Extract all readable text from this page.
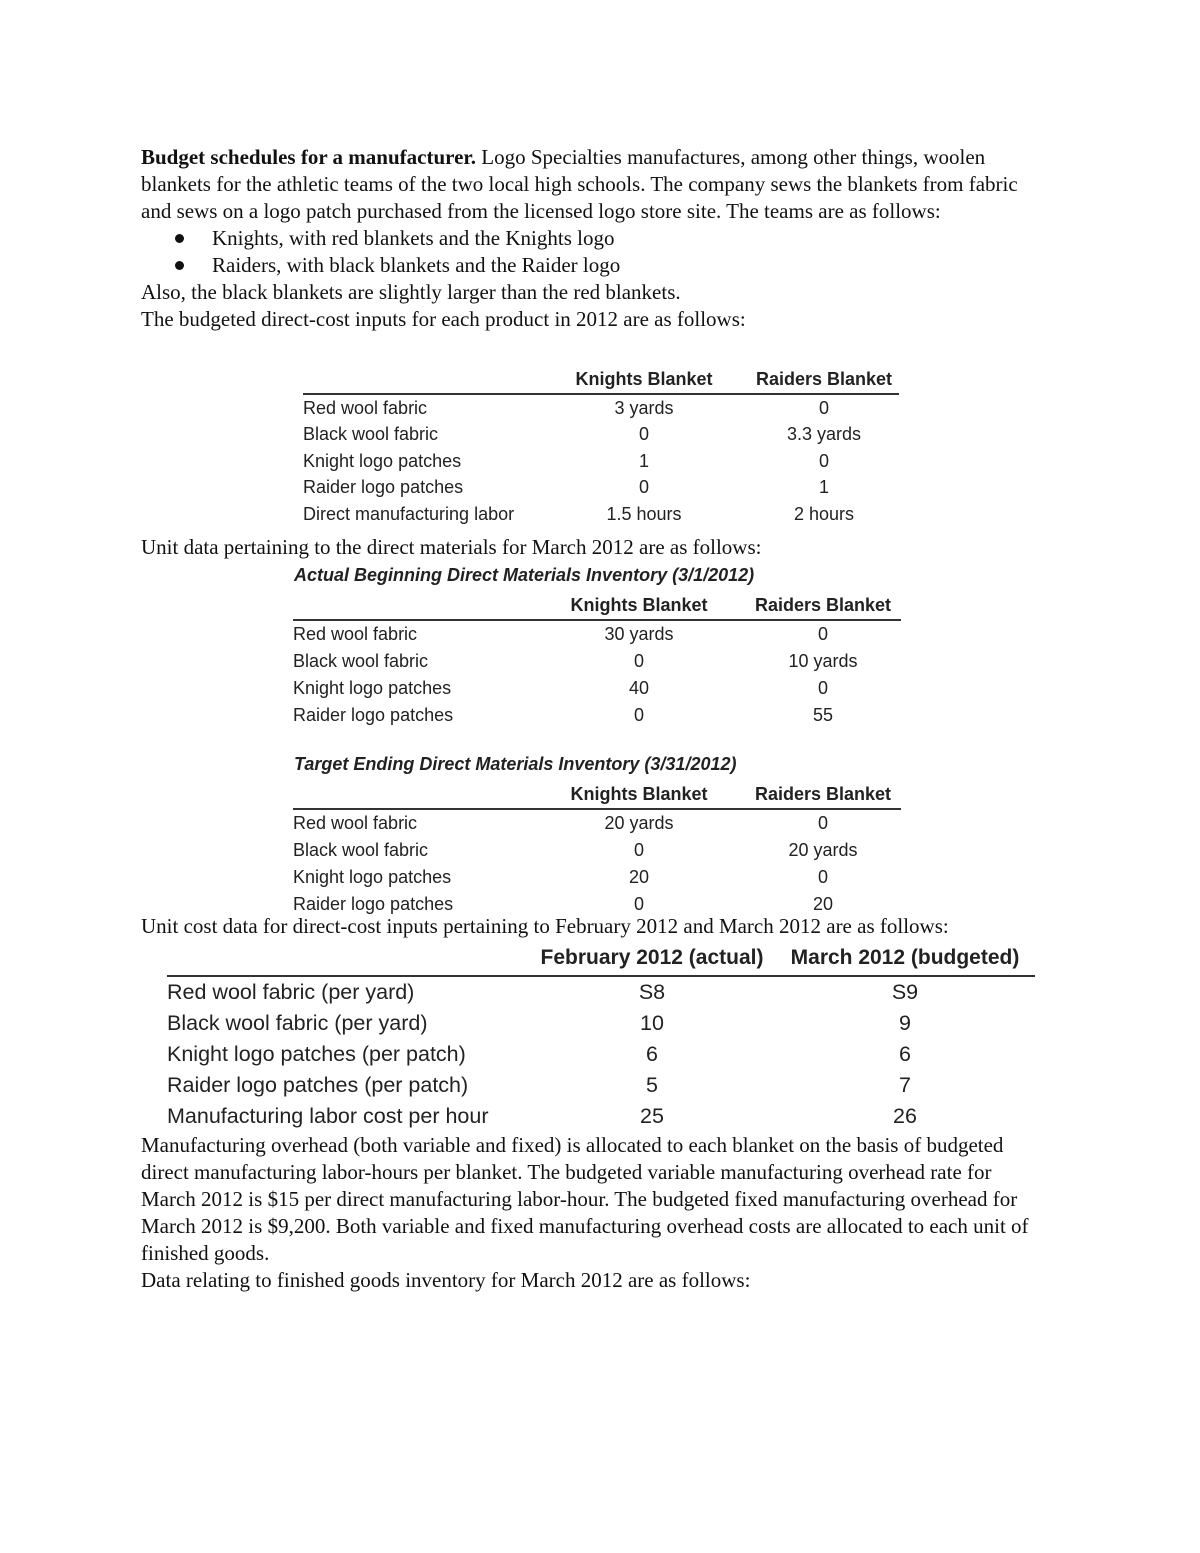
Budget schedules for a manufacturer. Logo Specialties manufactures, among other things, woolen blankets for the athletic teams of the two local high schools. The company sews the blankets from fabric and sews on a logo patch purchased from the licensed logo store site. The teams are as follows:

Knights, with red blankets and the Knights logo
Raiders, with black blankets and the Raider logo

Also, the black blankets are slightly larger than the red blankets.

The budgeted direct-cost inputs for each product in 2012 are as follows:

	Knights Blanket	Raiders Blanket
Red wool fabric	3 yards	0
Black wool fabric	0	3.3 yards
Knight logo patches	1	0
Raider logo patches	0	1
Direct manufacturing labor	1.5 hours	2 hours

Unit data pertaining to the direct materials for March 2012 are as follows:

Actual Beginning Direct Materials Inventory (3/1/2012)
	Knights Blanket	Raiders Blanket
Red wool fabric	30 yards	0
Black wool fabric	0	10 yards
Knight logo patches	40	0
Raider logo patches	0	55
Target Ending Direct Materials Inventory (3/31/2012)
	Knights Blanket	Raiders Blanket
Red wool fabric	20 yards	0
Black wool fabric	0	20 yards
Knight logo patches	20	0
Raider logo patches	0	20

Unit cost data for direct-cost inputs pertaining to February 2012 and March 2012 are as follows:

	February 2012 (actual)	March 2012 (budgeted)
Red wool fabric (per yard)	S8	S9
Black wool fabric (per yard)	10	9
Knight logo patches (per patch)	6	6
Raider logo patches (per patch)	5	7
Manufacturing labor cost per hour	25	26

Manufacturing overhead (both variable and fixed) is allocated to each blanket on the basis of budgeted direct manufacturing labor-hours per blanket. The budgeted variable manufacturing overhead rate for March 2012 is $15 per direct manufacturing labor-hour. The budgeted fixed manufacturing overhead for March 2012 is $9,200. Both variable and fixed manufacturing overhead costs are allocated to each unit of finished goods.

Data relating to finished goods inventory for March 2012 are as follows:
